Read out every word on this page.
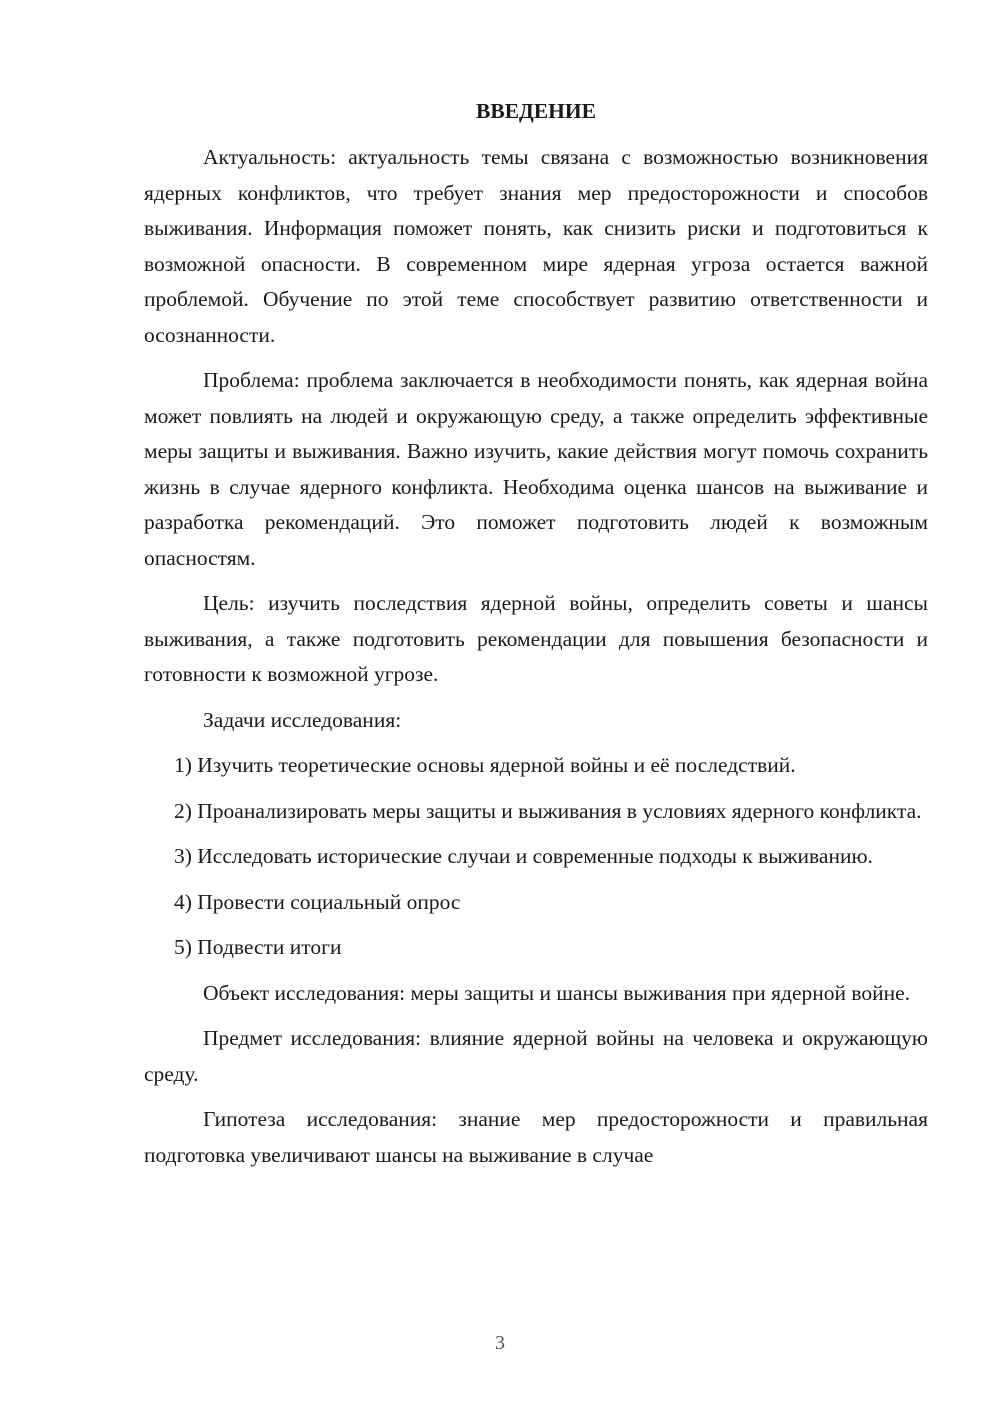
ВВЕДЕНИЕ

Актуальность: актуальность темы связана с возможностью возникновения ядерных конфликтов, что требует знания мер предосторожности и способов выживания. Информация поможет понять, как снизить риски и подготовиться к возможной опасности. В современном мире ядерная угроза остается важной проблемой. Обучение по этой теме способствует развитию ответственности и осознанности.

Проблема: проблема заключается в необходимости понять, как ядерная война может повлиять на людей и окружающую среду, а также определить эффективные меры защиты и выживания. Важно изучить, какие действия могут помочь сохранить жизнь в случае ядерного конфликта. Необходима оценка шансов на выживание и разработка рекомендаций. Это поможет подготовить людей к возможным опасностям.

Цель: изучить последствия ядерной войны, определить советы и шансы выживания, а также подготовить рекомендации для повышения безопасности и готовности к возможной угрозе.

Задачи исследования:

1) Изучить теоретические основы ядерной войны и её последствий.

2) Проанализировать меры защиты и выживания в условиях ядерного конфликта.

3) Исследовать исторические случаи и современные подходы к выживанию.

4) Провести социальный опрос

5) Подвести итоги

Объект исследования: меры защиты и шансы выживания при ядерной войне.

Предмет исследования: влияние ядерной войны на человека и окружающую среду.

Гипотеза исследования: знание мер предосторожности и правильная подготовка увеличивают шансы на выживание в случае

3
